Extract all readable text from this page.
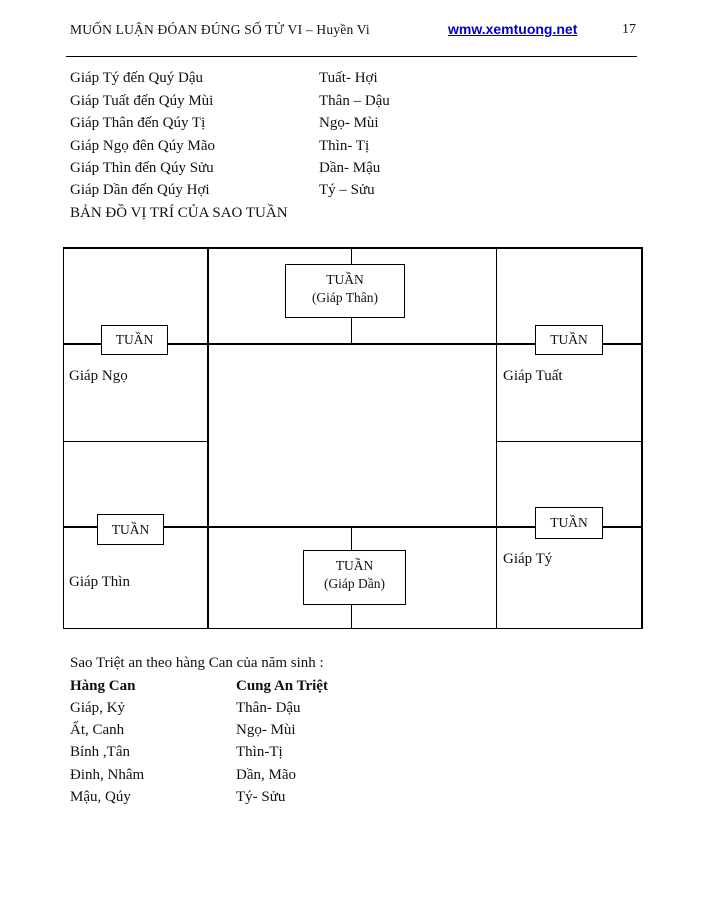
MUỐN LUẬN ĐÓAN ĐÚNG SỐ TỬ VI – Huyền Vi	wmw.xemtuong.net	17
Giáp Tý đến Quý Dậu	Tuất- Hợi
Giáp Tuất đến Qúy Mùi	Thân – Dậu
Giáp Thân đến Qúy Tị	Ngọ- Mùi
Giáp Ngọ đên Qúy Mão	Thìn- Tị
Giáp Thìn đến Qúy Sửu	Dần- Mậu
Giáp Dần đến Qúy Hợi	Tý – Sửu
BẢN ĐỒ VỊ TRÍ CỦA SAO TUẦN
TUẦN
(Giáp Thân)
TUẦN
(Giáp Dần)
TUẦN	TUẦN
TUẦN	TUẦN
Giáp Ngọ	Giáp Tuất
Giáp Thìn
Giáp Tý
Sao Triệt an theo hàng Can của năm sinh :
Hàng Can	Cung An Triệt
Giáp, Kỷ	Thân- Dậu
Ất, Canh	Ngọ- Mùi
Bính ,Tân	Thìn-Tị
Đinh, Nhâm	Dần, Mão
Mậu, Qúy	Tý- Sửu
